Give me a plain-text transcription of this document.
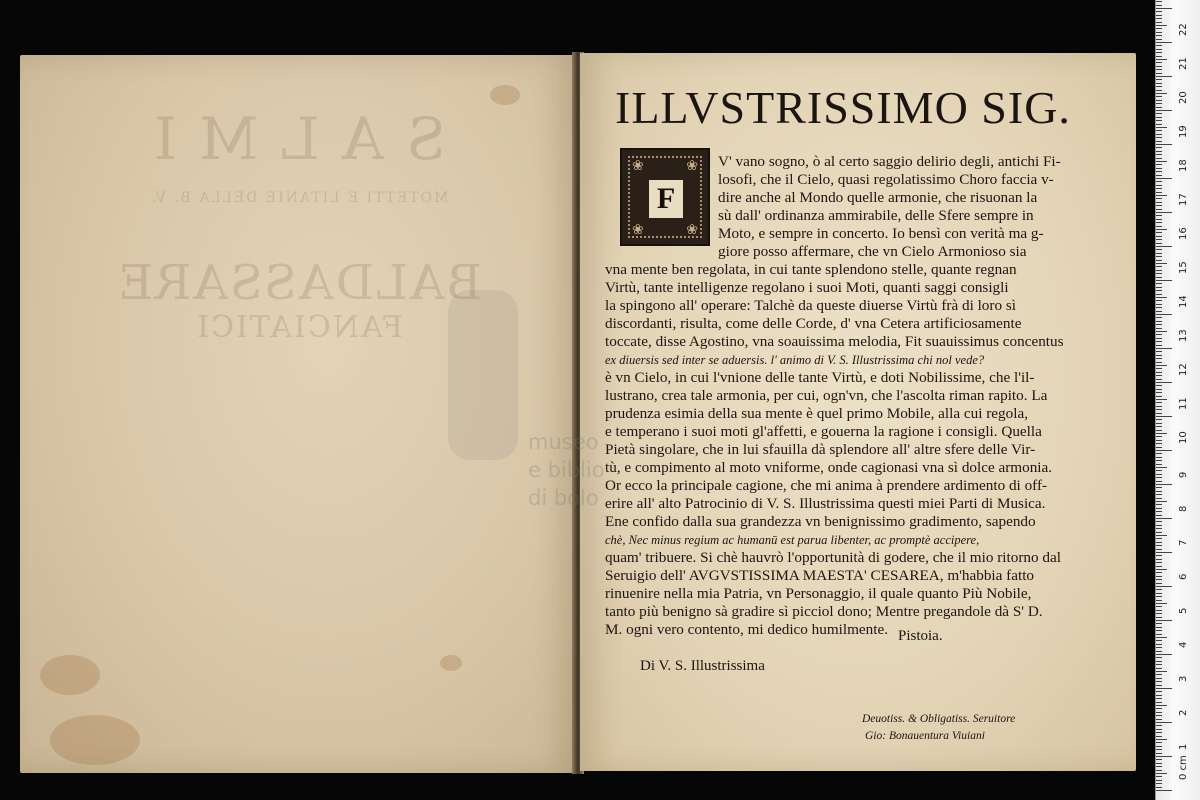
S A L M I
MOTETTI E LITANIE DELLA B. V.
BALDASSARE
FANCIATICI
ILLVSTRISSIMO SIG.
❀	❀
❀	❀
F
V' vano sogno, ò al certo saggio delirio degli, antichi Fi-
losofi, che il Cielo, quasi regolatissimo Choro faccia v-
dire anche al Mondo quelle armonie, che risuonan la
sù dall' ordinanza ammirabile, delle Sfere sempre in
Moto, e sempre in concerto. Io bensì con verità ma g-
giore posso affermare, che vn Cielo Armonioso sia
vna mente ben regolata, in cui tante splendono stelle, quante regnan
Virtù, tante intelligenze regolano i suoi Moti, quanti saggi consigli
la spingono all' operare: Talchè da queste diuerse Virtù frà di loro sì
discordanti, risulta, come delle Corde, d' vna Cetera artificiosamente
toccate, disse Agostino, vna soauissima melodia, Fit suauissimus concentus
ex diuersis sed inter se aduersis. l' animo di V. S. Illustrissima chi nol vede?
è vn Cielo, in cui l'vnione delle tante Virtù, e doti Nobilissime, che l'il-
lustrano, crea tale armonia, per cui, ogn'vn, che l'ascolta riman rapito. La
prudenza esimia della sua mente è quel primo Mobile, alla cui regola,
e temperano i suoi moti gl'affetti, e gouerna la ragione i consigli. Quella
Pietà singolare, che in lui sfauilla dà splendore all' altre sfere delle Vir-
tù, e compimento al moto vniforme, onde cagionasi vna sì dolce armonia.
Or ecco la principale cagione, che mi anima à prendere ardimento di off-
erire all' alto Patrocinio di V. S. Illustrissima questi miei Parti di Musica.
Ene confido dalla sua grandezza vn benignissimo gradimento, sapendo
chè, Nec minus regium ac humanū est parua libenter, ac promptè accipere,
quam' tribuere. Si chè hauvrò l'opportunità di godere, che il mio ritorno dal
Seruigio dell' AVGVSTISSIMA MAESTA' CESAREA, m'habbia fatto
rinuenire nella mia Patria, vn Personaggio, il quale quanto Più Nobile,
tanto più benigno sà gradire sì picciol dono; Mentre pregandole dà S' D.
M. ogni vero contento, mi dedico humilmente. Pistoia.
Di V. S. Illustrissima
Deuotiss. & Obligatiss. Seruitore
Gio: Bonauentura Viuiani
museo
e biblio
di bolo
0 cm
1
2
3
4
5
6
7
8
9
10
11
12
13
14
15
16
17
18
19
20
21
22
